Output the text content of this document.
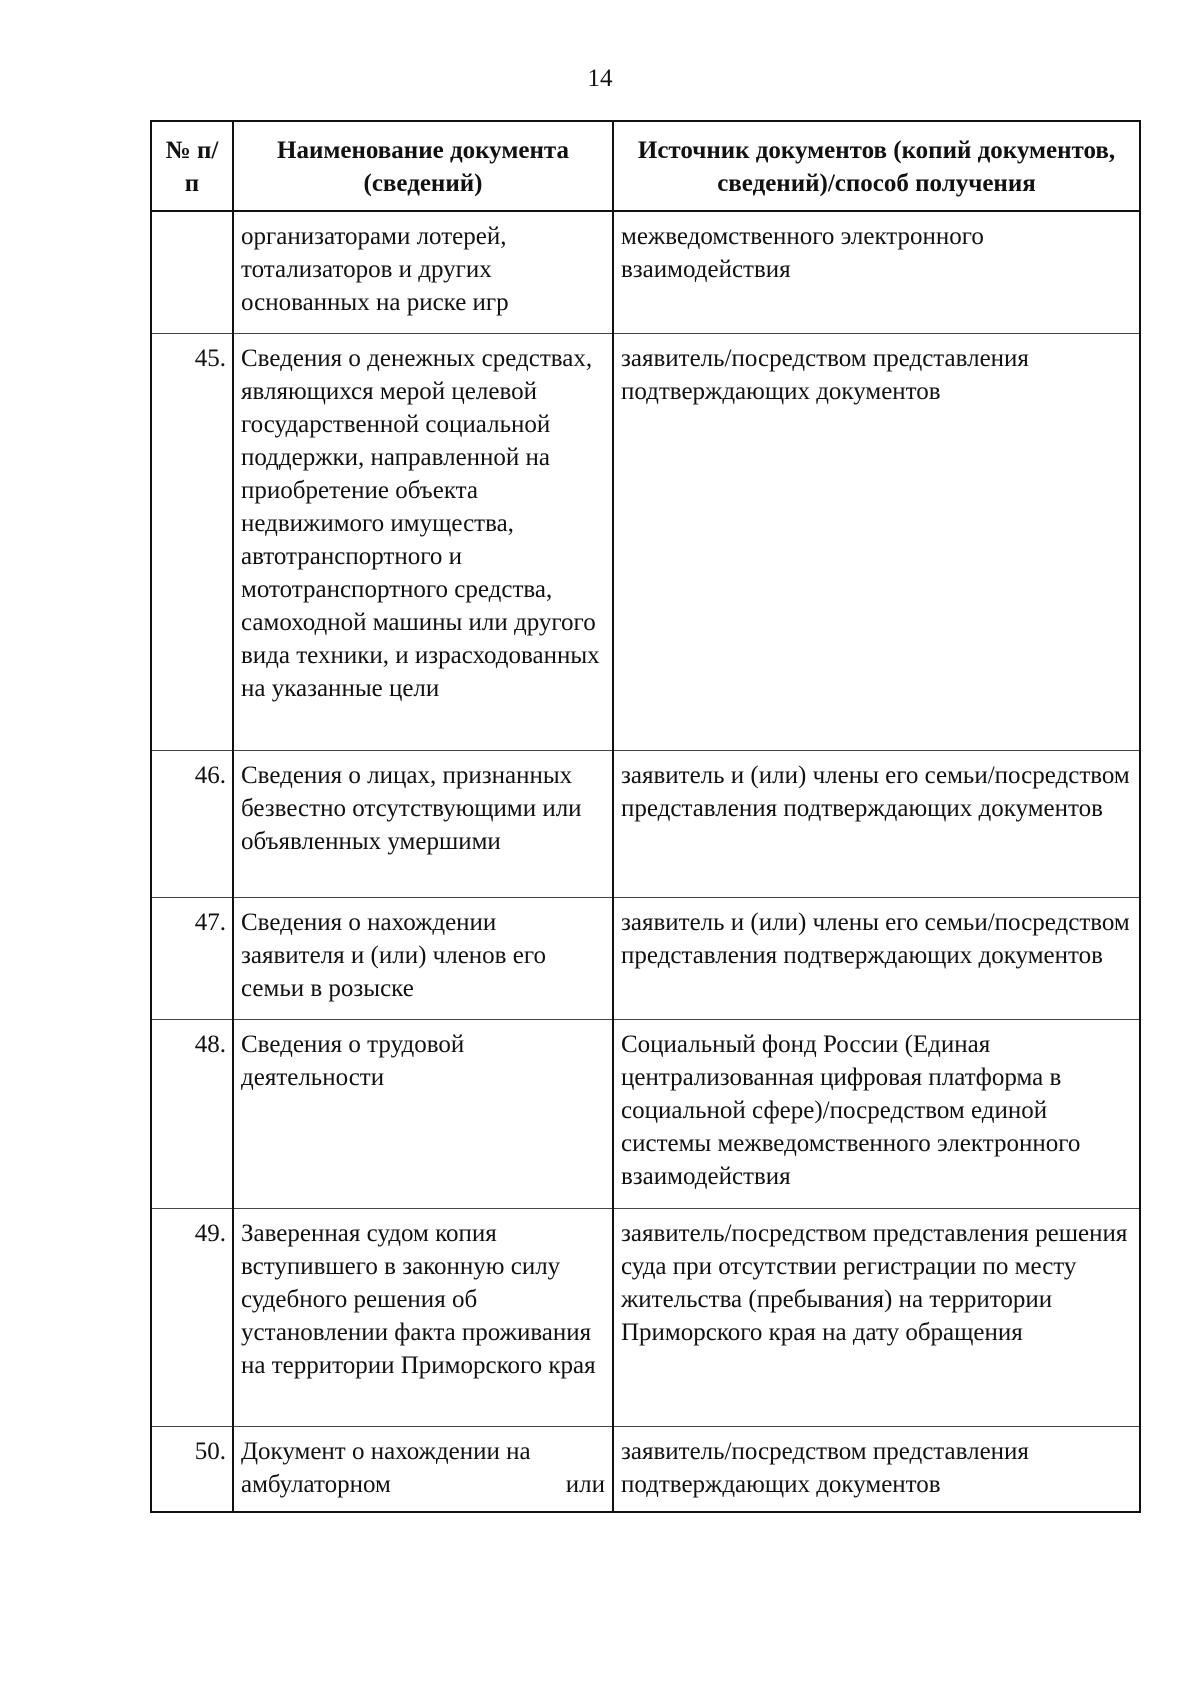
14
№ п/п	Наименование документа (сведений)	Источник документов (копий документов, сведений)/способ получения
	организаторами лотерей, тотализаторов и других основанных на риске игр	межведомственного электронного взаимодействия
45.	Сведения о денежных средствах, являющихся мерой целевой государственной социальной поддержки, направленной на приобретение объекта недвижимого имущества, автотранспортного и мототранспортного средства, самоходной машины или другого вида техники, и израсходованных на указанные цели	заявитель/посредством представления подтверждающих документов
46.	Сведения о лицах, признанных безвестно отсутствующими или объявленных умершими	заявитель и (или) члены его семьи/посредством представления подтверждающих документов
47.	Сведения о нахождении заявителя и (или) членов его семьи в розыске	заявитель и (или) члены его семьи/посредством представления подтверждающих документов
48.	Сведения о трудовой деятельности	Социальный фонд России (Единая централизованная цифровая платформа в социальной сфере)/посредством единой системы межведомственного электронного взаимодействия
49.	Заверенная судом копия вступившего в законную силу судебного решения об установлении факта проживания на территории Приморского края	заявитель/посредством представления решения суда при отсутствии регистрации по месту жительства (пребывания) на территории Приморского края на дату обращения
50.	Документ о нахождении на амбулаторном или	заявитель/посредством представления подтверждающих документов
